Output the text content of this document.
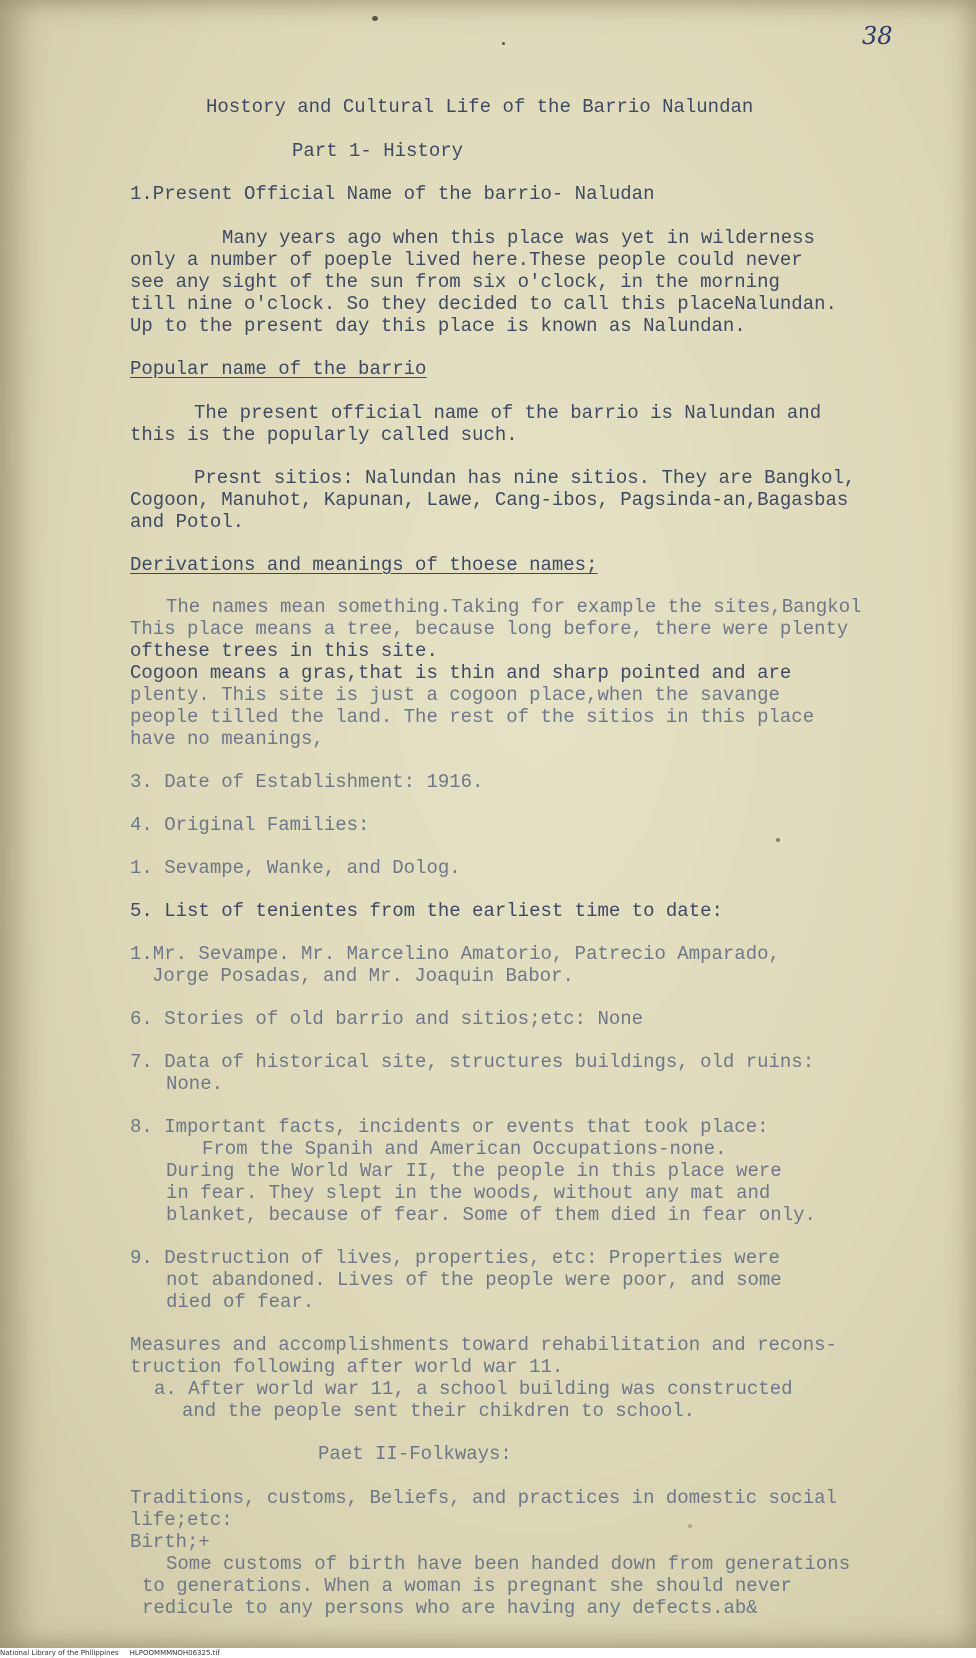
38

Hostory and Cultural Life of the Barrio Nalundan

Part 1- History

1.Present Official Name of the barrio- Naludan

Many years ago when this place was yet in wilderness

only a number of poeple lived here.These people could never

see any sight of the sun from six o'clock, in the morning

till nine o'clock. So they decided to call this placeNalundan.

Up to the present day this place is known as Nalundan.

Popular name of the barrio

The present official name of the barrio is Nalundan and

this is the popularly called such.

Presnt sitios: Nalundan has nine sitios. They are Bangkol,

Cogoon, Manuhot, Kapunan, Lawe, Cang-ibos, Pagsinda-an,Bagasbas

and Potol.

Derivations and meanings of thoese names;

The names mean something.Taking for example the sites,Bangkol

This place means a tree, because long before, there were plenty

ofthese trees in this site.

Cogoon means a gras,that is thin and sharp pointed and are

plenty. This site is just a cogoon place,when the savange

people tilled the land. The rest of the sitios in this place

have no meanings,

3. Date of Establishment: 1916.

4. Original Families:

1. Sevampe, Wanke, and Dolog.

5. List of tenientes from the earliest time to date:

1.Mr. Sevampe. Mr. Marcelino Amatorio, Patrecio Amparado,

Jorge Posadas, and Mr. Joaquin Babor.

6. Stories of old barrio and sitios;etc: None

7. Data of historical site, structures buildings, old ruins:

None.

8. Important facts, incidents or events that took place:

From the Spanih and American Occupations-none.

During the World War II, the people in this place were

in fear. They slept in the woods, without any mat and

blanket, because of fear. Some of them died in fear only.

9. Destruction of lives, properties, etc: Properties were

not abandoned. Lives of the people were poor, and some

died of fear.

Measures and accomplishments toward rehabilitation and recons-

truction following after world war 11.

a. After world war 11, a school building was constructed

and the people sent their chikdren to school.

Paet II-Folkways:

Traditions, customs, Beliefs, and practices in domestic social

life;etc:

Birth;+

Some customs of birth have been handed down from generations

to generations. When a woman is pregnant she should never

redicule to any persons who are having any defects.ab&

National Library of the Philippines     HLPOOMMMNOH06325.tif
